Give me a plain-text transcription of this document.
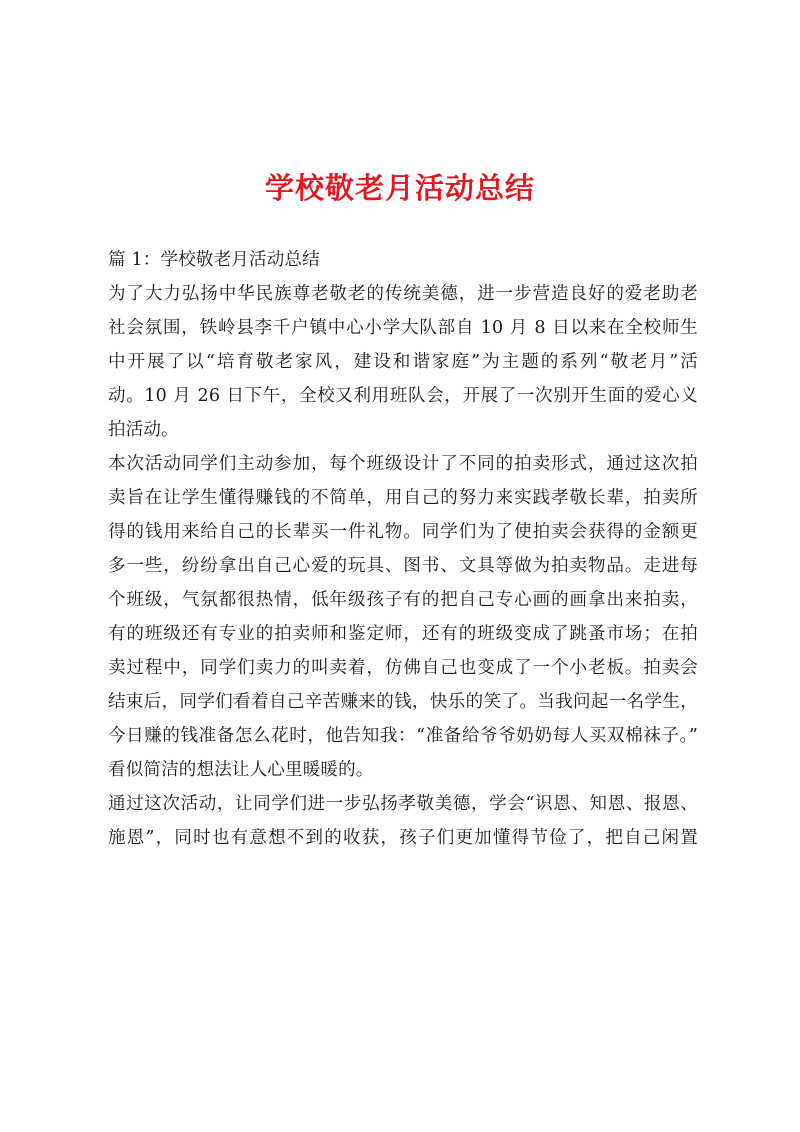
学校敬老月活动总结
篇 1：学校敬老月活动总结
为了大力弘扬中华民族尊老敬老的传统美德，进一步营造良好的爱老助老
社会氛围，铁岭县李千户镇中心小学大队部自 10 月 8 日以来在全校师生
中开展了以“培育敬老家风，建设和谐家庭”为主题的系列“敬老月”活
动。10 月 26 日下午，全校又利用班队会，开展了一次别开生面的爱心义
拍活动。
本次活动同学们主动参加，每个班级设计了不同的拍卖形式，通过这次拍
卖旨在让学生懂得赚钱的不简单，用自己的努力来实践孝敬长辈，拍卖所
得的钱用来给自己的长辈买一件礼物。同学们为了使拍卖会获得的金额更
多一些，纷纷拿出自己心爱的玩具、图书、文具等做为拍卖物品。走进每
个班级，气氛都很热情，低年级孩子有的把自己专心画的画拿出来拍卖，
有的班级还有专业的拍卖师和鉴定师，还有的班级变成了跳蚤市场；在拍
卖过程中，同学们卖力的叫卖着，仿佛自己也变成了一个小老板。拍卖会
结束后，同学们看着自己辛苦赚来的钱，快乐的笑了。当我问起一名学生，
今日赚的钱准备怎么花时，他告知我：“准备给爷爷奶奶每人买双棉袜子。”
看似简洁的想法让人心里暖暖的。
通过这次活动，让同学们进一步弘扬孝敬美德，学会“识恩、知恩、报恩、
施恩”，同时也有意想不到的收获，孩子们更加懂得节俭了，把自己闲置
